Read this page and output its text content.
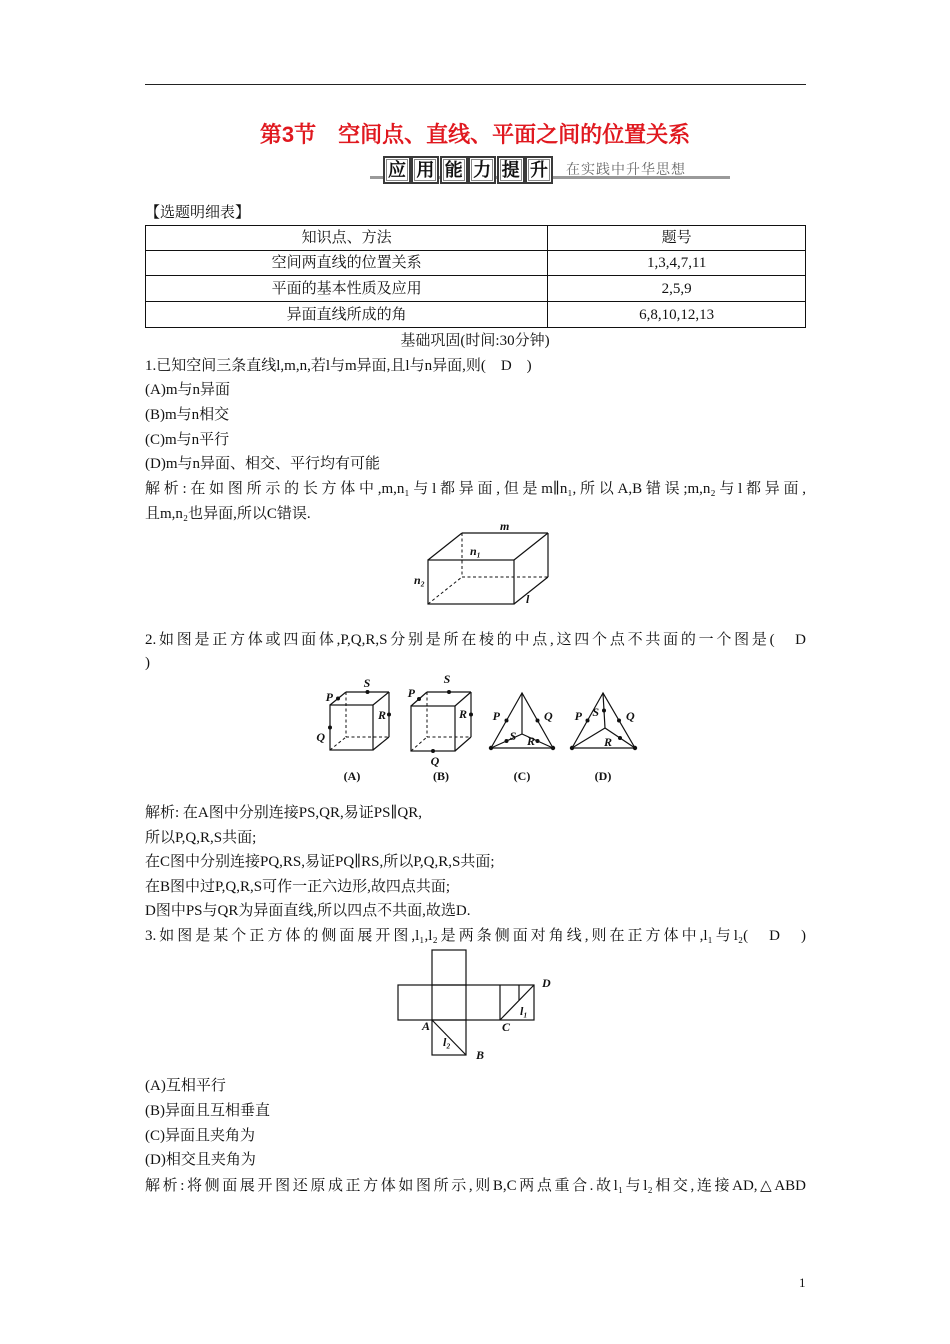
第3节 空间点、直线、平面之间的位置关系
应 用 能 力 提 升	在实践中升华思想
【选题明细表】
知识点、方法	题号
空间两直线的位置关系	1,3,4,7,11
平面的基本性质及应用	2,5,9
异面直线所成的角	6,8,10,12,13
基础巩固(时间:30分钟)
1.已知空间三条直线l,m,n,若l与m异面,且l与n异面,则(　D　)
(A)m与n异面
(B)m与n相交
(C)m与n平行
(D)m与n异面、相交、平行均有可能
解析:在如图所示的长方体中,m,n₁与l都异面,但是m∥n₁,所以A,B错误;m,n₂与l都异面,
且m,n₂也异面,所以C错误.
m
n₁
n₂
l
2.如图是正方体或四面体,P,Q,R,S分别是所在棱的中点,这四个点不共面的一个图是(　D
)
P
S
R
Q
(A)
P
S
R
Q
(B)
P	Q
S R
(C)
P S Q
R
(D)
解析: 在A图中分别连接PS,QR,易证PS∥QR,
所以P,Q,R,S共面;
在C图中分别连接PQ,RS,易证PQ∥RS,所以P,Q,R,S共面;
在B图中过P,Q,R,S可作一正六边形,故四点共面;
D图中PS与QR为异面直线,所以四点不共面,故选D.
3.如图是某个正方体的侧面展开图,l₁,l₂是两条侧面对角线,则在正方体中,l₁与l₂(　D　)
A
B
C
D
l₁
l₂
(A)互相平行
(B)异面且互相垂直
(C)异面且夹角为
(D)相交且夹角为
解析:将侧面展开图还原成正方体如图所示,则B,C两点重合.故l₁与l₂相交,连接AD,△ABD
1
